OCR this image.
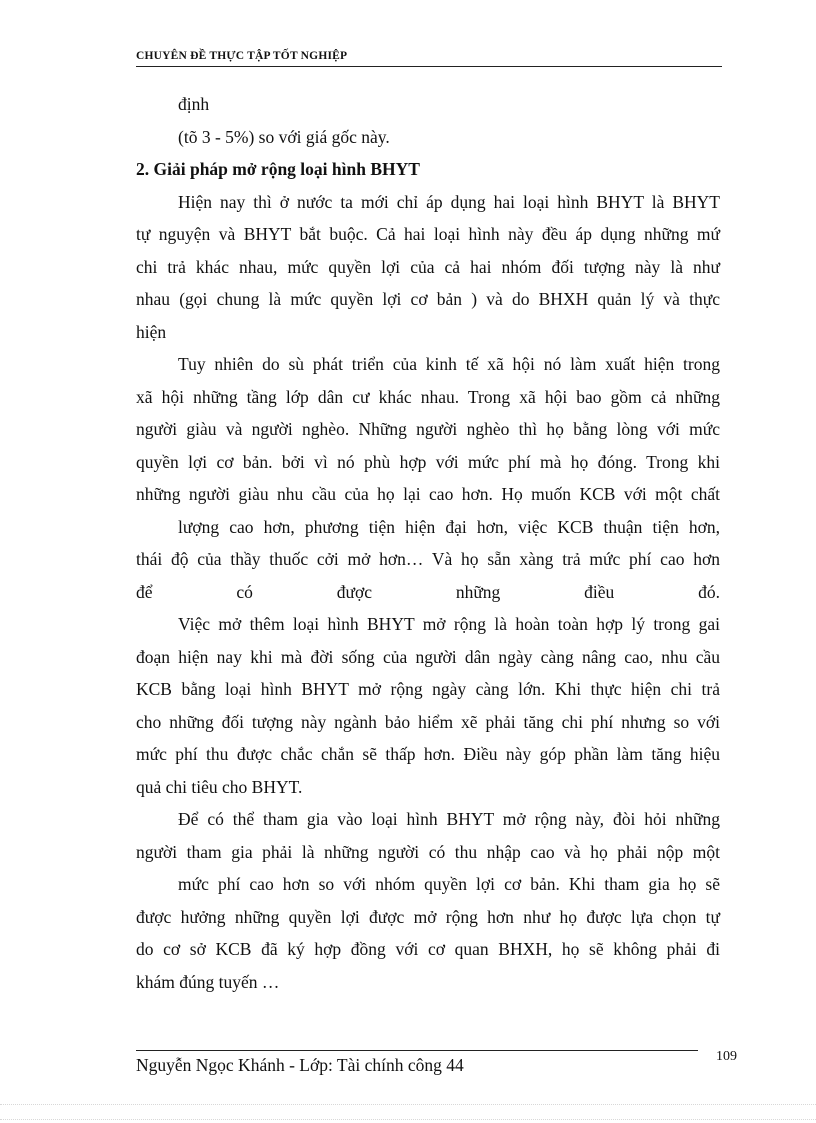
CHUYÊN ĐỀ THỰC TẬP TỐT NGHIỆP
định
(tõ 3 - 5%) so với giá gốc này.
2. Giải pháp mở rộng loại hình BHYT
Hiện nay thì ở nước ta mới chỉ áp dụng hai loại hình BHYT là BHYT
tự nguyện và BHYT bắt buộc. Cả hai loại hình này đều áp dụng những mứ
chi trả khác nhau, mức quyền lợi của cả hai nhóm đối tượng này là như
nhau (gọi chung là mức quyền lợi cơ bản ) và do BHXH quản lý và thực
hiện
Tuy nhiên do sù phát triển của kinh tế xã hội nó làm xuất hiện trong
xã hội những tầng lớp dân cư khác nhau. Trong xã hội bao gồm cả những
người giàu và người nghèo. Những người nghèo thì họ bằng lòng với mức
quyền lợi cơ bản. bởi vì nó phù hợp với mức phí mà họ đóng. Trong khi
những người giàu nhu cầu của họ lại cao hơn. Họ muốn KCB với một chất
lượng cao hơn, phương tiện hiện đại hơn, việc KCB thuận tiện hơn,
thái độ của thầy thuốc cởi mở hơn… Và họ sẵn xàng trả mức phí cao hơn
để có được những điều đó.
Việc mở thêm loại hình BHYT mở rộng là hoàn toàn hợp lý trong gai
đoạn hiện nay khi mà đời sống của người dân ngày càng nâng cao, nhu cầu
KCB bằng loại hình BHYT mở rộng ngày càng lớn. Khi thực hiện chi trả
cho những đối tượng này ngành bảo hiểm xẽ phải tăng chi phí nhưng so với
mức phí thu được chắc chắn sẽ thấp hơn. Điều này góp phần làm tăng hiệu
quả chi tiêu cho BHYT.
Để có thể tham gia vào loại hình BHYT mở rộng này, đòi hỏi những
người tham gia phải là những người có thu nhập cao và họ phải nộp một
mức phí cao hơn so với nhóm quyền lợi cơ bản. Khi tham gia họ sẽ
được hưởng những quyền lợi được mở rộng hơn như họ được lựa chọn tự
do cơ sở KCB đã ký hợp đồng với cơ quan BHXH, họ sẽ không phải đi
khám đúng tuyến …
Nguyễn Ngọc Khánh - Lớp: Tài chính công 44	109
